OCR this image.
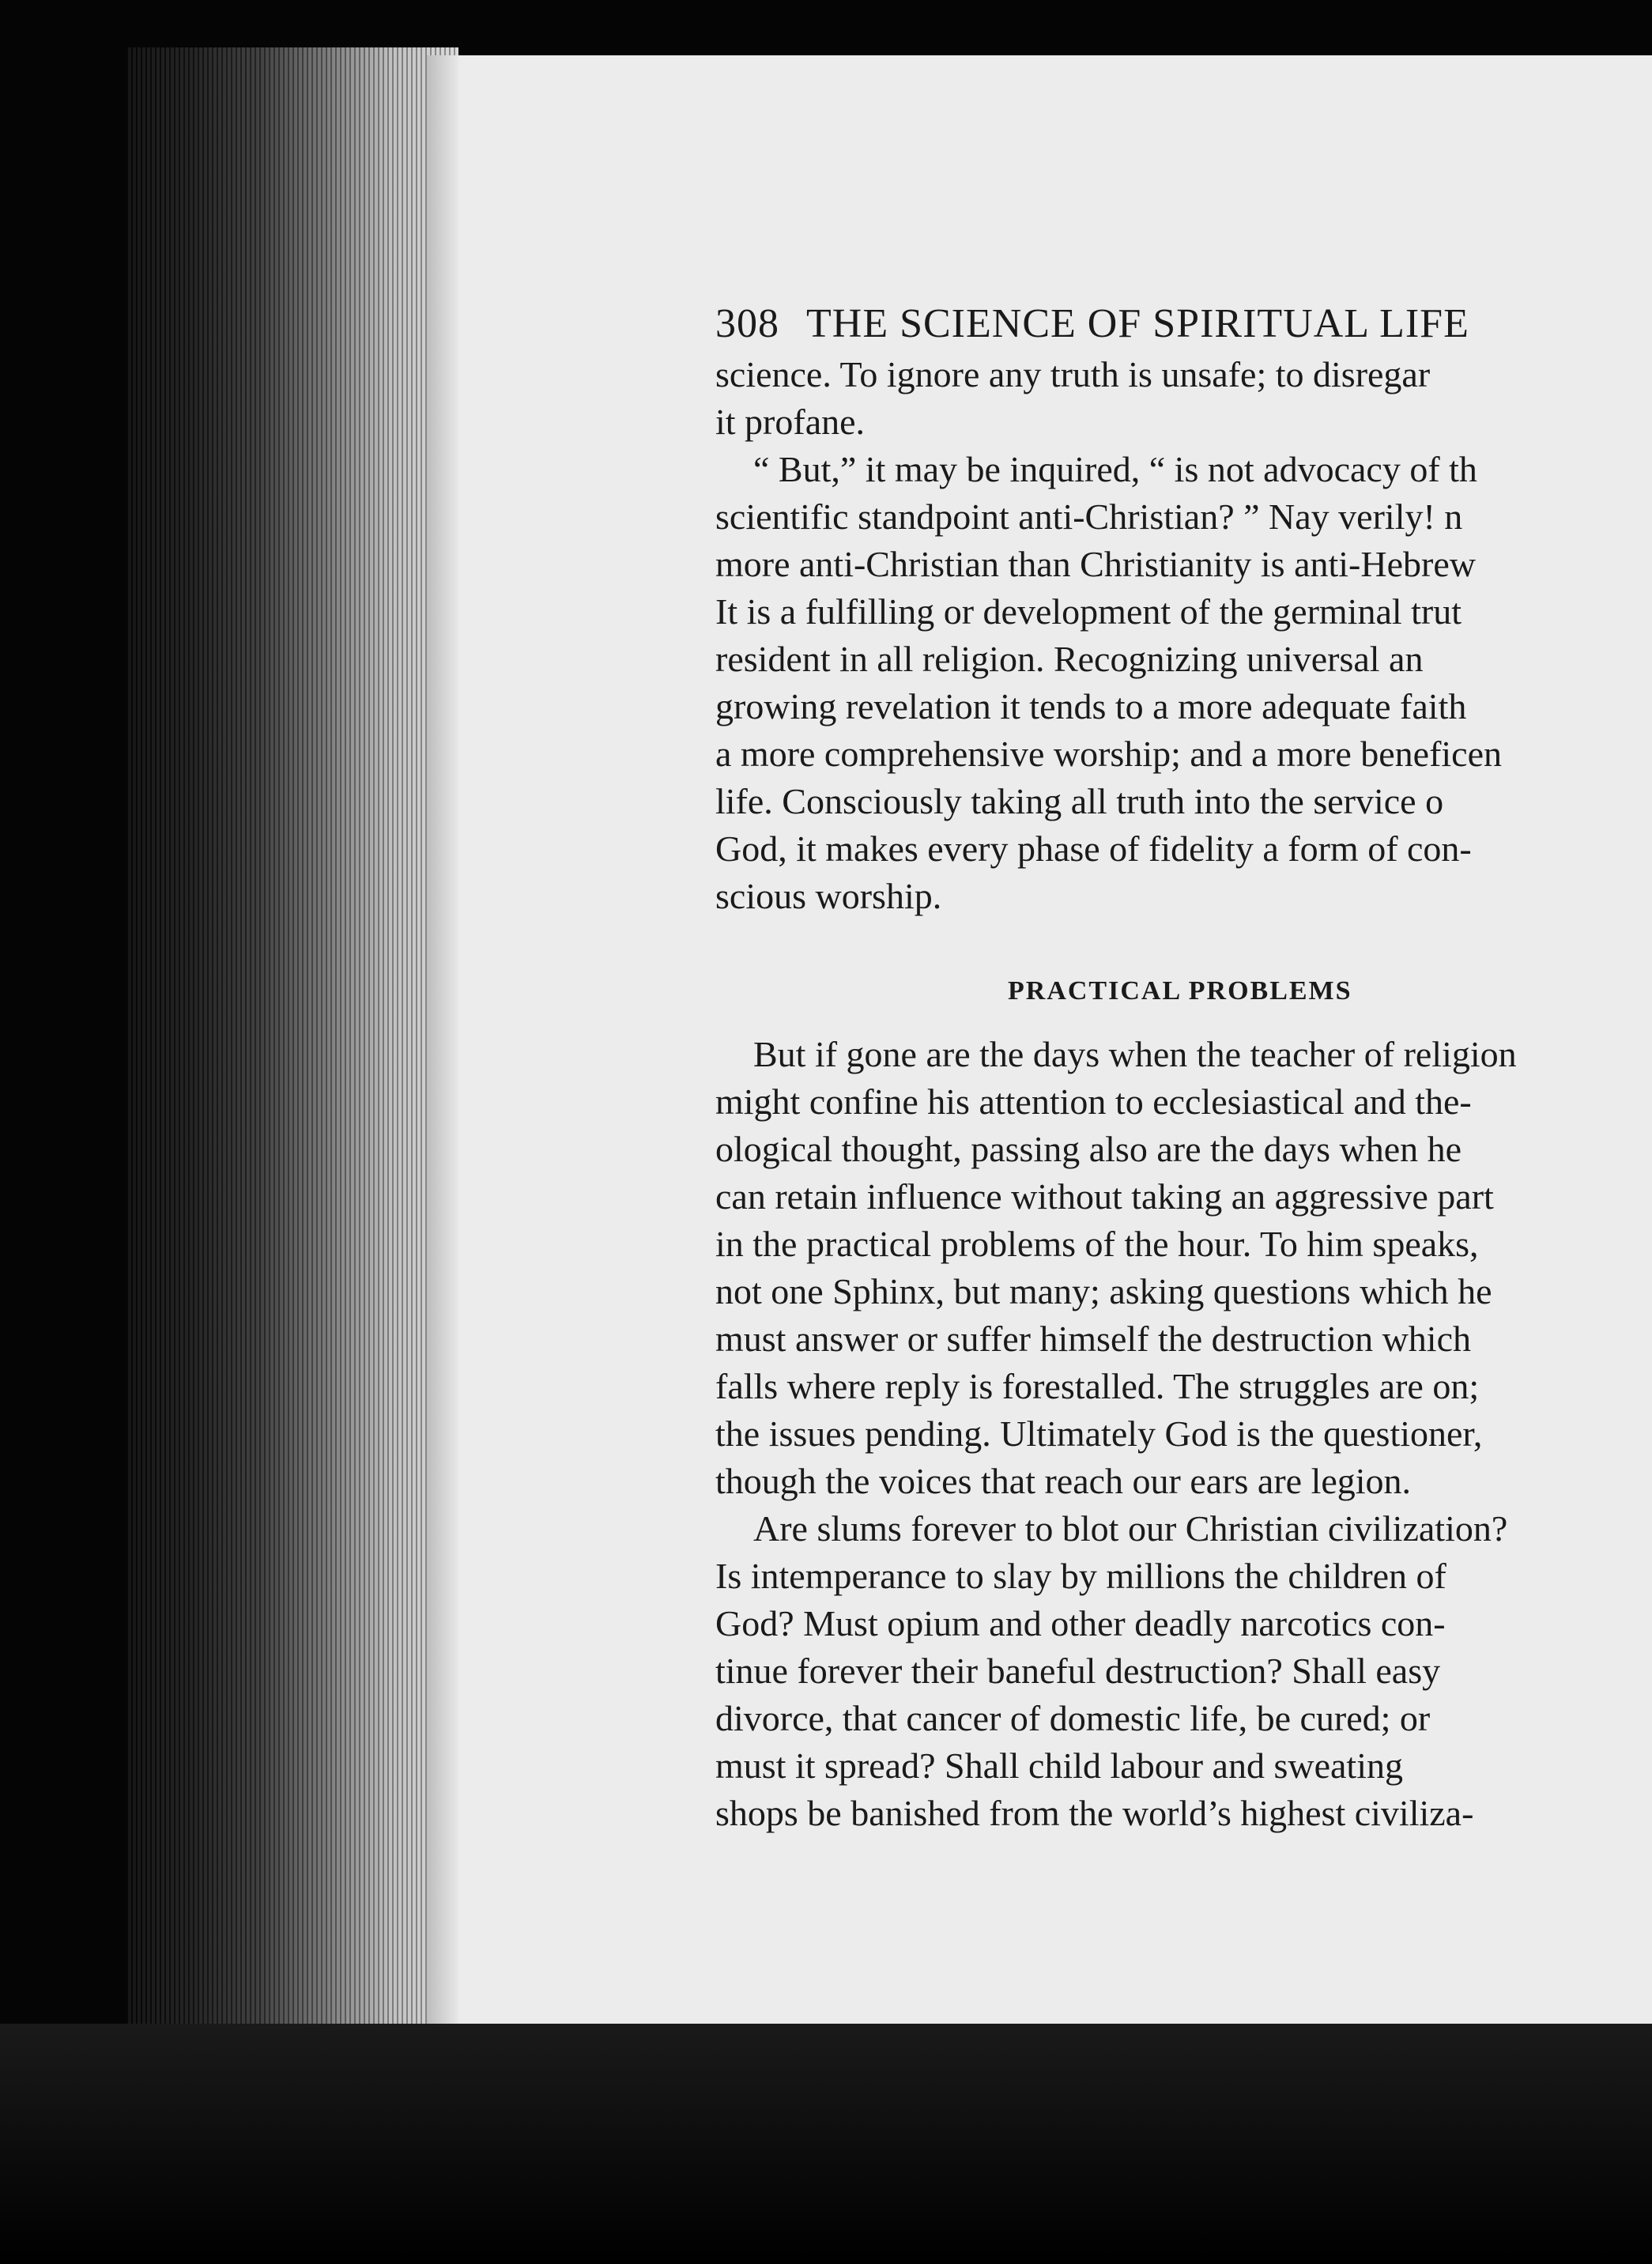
308 THE SCIENCE OF SPIRITUAL LIFE
science. To ignore any truth is unsafe; to disregar
it profane.
“ But,” it may be inquired, “ is not advocacy of th
scientific standpoint anti-Christian? ” Nay verily! n
more anti-Christian than Christianity is anti-Hebrew
It is a fulfilling or development of the germinal trut
resident in all religion. Recognizing universal an
growing revelation it tends to a more adequate faith
a more comprehensive worship; and a more beneficen
life. Consciously taking all truth into the service o
God, it makes every phase of fidelity a form of con-
scious worship.
PRACTICAL PROBLEMS
But if gone are the days when the teacher of religion
might confine his attention to ecclesiastical and the-
ological thought, passing also are the days when he
can retain influence without taking an aggressive part
in the practical problems of the hour. To him speaks,
not one Sphinx, but many; asking questions which he
must answer or suffer himself the destruction which
falls where reply is forestalled. The struggles are on;
the issues pending. Ultimately God is the questioner,
though the voices that reach our ears are legion.
Are slums forever to blot our Christian civilization?
Is intemperance to slay by millions the children of
God? Must opium and other deadly narcotics con-
tinue forever their baneful destruction? Shall easy
divorce, that cancer of domestic life, be cured; or
must it spread? Shall child labour and sweating
shops be banished from the world’s highest civiliza-
